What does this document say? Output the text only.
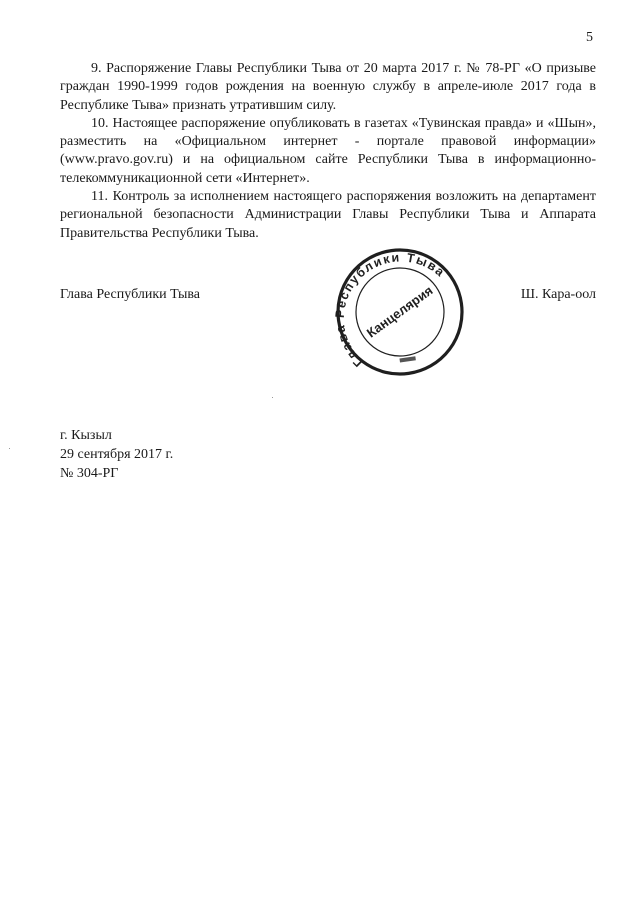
5

9. Распоряжение Главы Республики Тыва от 20 марта 2017 г. № 78-РГ «О призыве граждан 1990-1999 годов рождения на военную службу в апреле-июле 2017 года в Республике Тыва» признать утратившим силу.

10. Настоящее распоряжение опубликовать в газетах «Тувинская правда» и «Шын», разместить на «Официальном интернет - портале правовой информации» (www.pravo.gov.ru) и на официальном сайте Республики Тыва в информационно-телекоммуникационной сети «Интернет».

11. Контроль за исполнением настоящего распоряжения возложить на департамент региональной безопасности Администрации Главы Республики Тыва и Аппарата Правительства Республики Тыва.

Глава Республики Тыва	Ш. Кара-оол
Глава Республики Тыва
Канцелярия
г. Кызыл
29 сентября 2017 г.
№ 304-РГ
